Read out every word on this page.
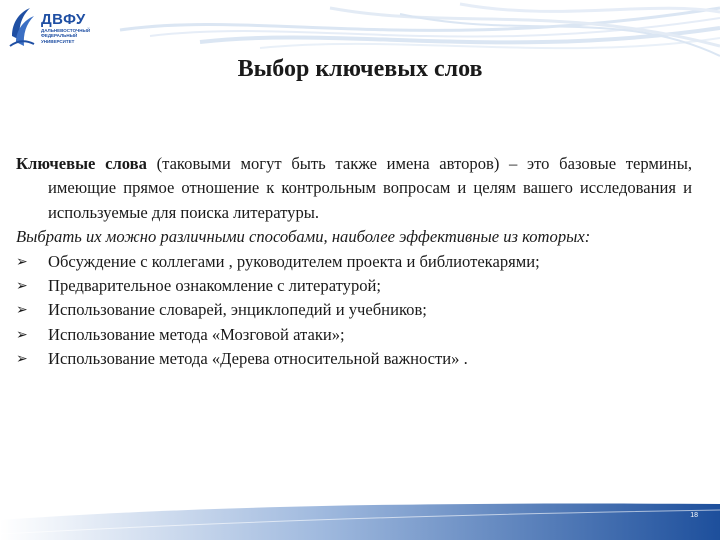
ДВФУ
ДАЛЬНЕВОСТОЧНЫЙ ФЕДЕРАЛЬНЫЙ УНИВЕРСИТЕТ
Выбор ключевых слов

Ключевые слова (таковыми могут быть также имена авторов) – это базовые термины, имеющие прямое отношение к контрольным вопросам и целям вашего исследования и используемые для поиска литературы.

Выбрать их можно различными способами, наиболее эффективные из которых:

➢ Обсуждение с коллегами , руководителем проекта и библиотекарями;
➢ Предварительное ознакомление с литературой;
➢ Использование словарей, энциклопедий и учебников;
➢ Использование метода «Мозговой атаки»;
➢ Использование метода «Дерева относительной важности» .
18
